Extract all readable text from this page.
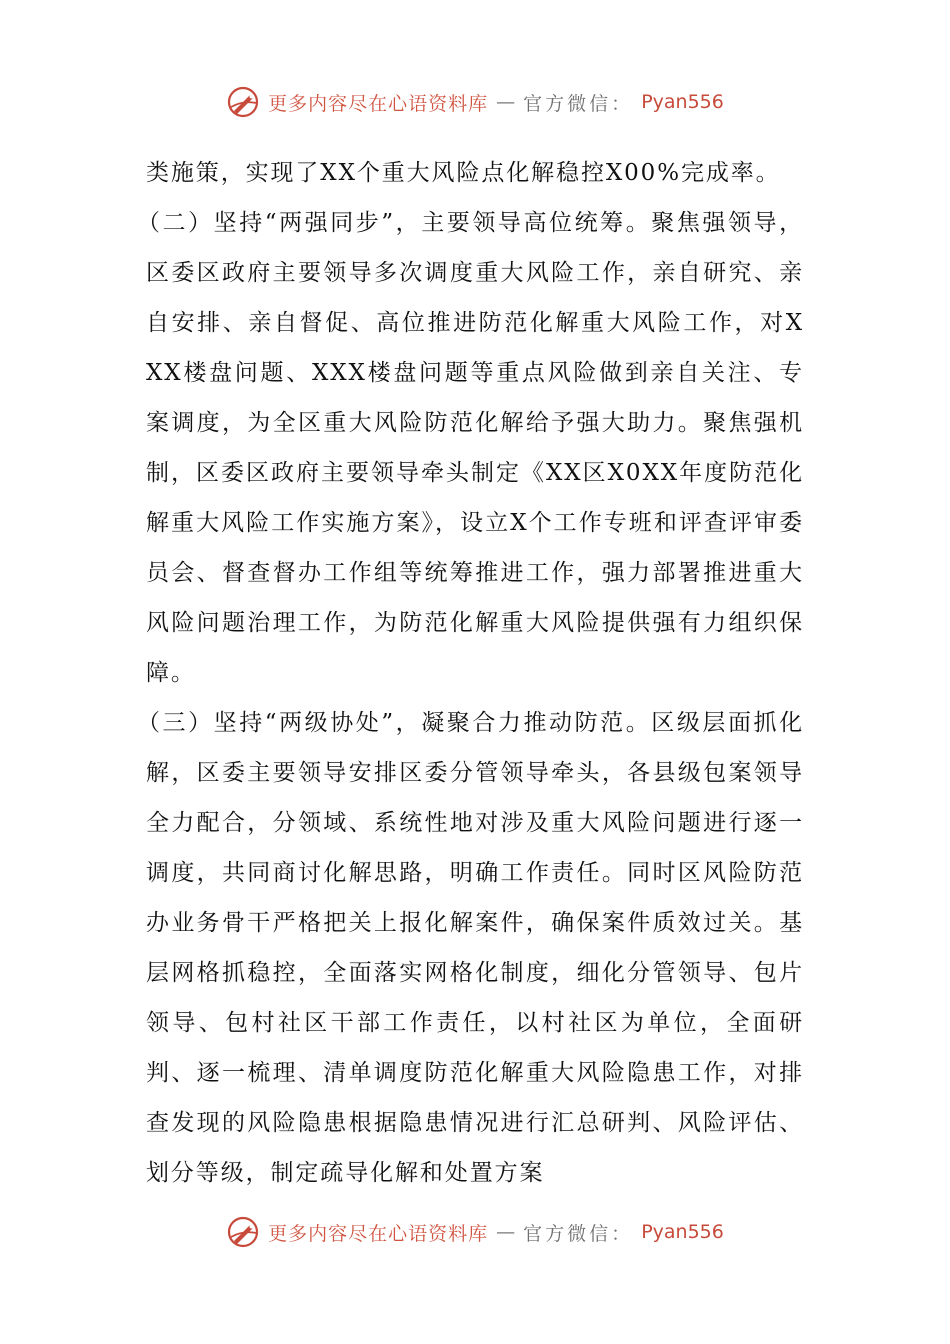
更多内容尽在心语资料库 — 官方微信： Pyan556

类施策，实现了XX个重大风险点化解稳控X00%完成率。

（二）坚持“两强同步”，主要领导高位统筹。聚焦强领导，区委区政府主要领导多次调度重大风险工作，亲自研究、亲自安排、亲自督促、高位推进防范化解重大风险工作，对XXX楼盘问题、XXX楼盘问题等重点风险做到亲自关注、专案调度，为全区重大风险防范化解给予强大助力。聚焦强机制，区委区政府主要领导牵头制定《XX区X0XX年度防范化解重大风险工作实施方案》，设立X个工作专班和评查评审委员会、督查督办工作组等统筹推进工作，强力部署推进重大风险问题治理工作，为防范化解重大风险提供强有力组织保障。

（三）坚持“两级协处”，凝聚合力推动防范。区级层面抓化解，区委主要领导安排区委分管领导牵头，各县级包案领导全力配合，分领域、系统性地对涉及重大风险问题进行逐一调度，共同商讨化解思路，明确工作责任。同时区风险防范办业务骨干严格把关上报化解案件，确保案件质效过关。基层网格抓稳控，全面落实网格化制度，细化分管领导、包片领导、包村社区干部工作责任，以村社区为单位，全面研判、逐一梳理、清单调度防范化解重大风险隐患工作，对排查发现的风险隐患根据隐患情况进行汇总研判、风险评估、划分等级，制定疏导化解和处置方案

更多内容尽在心语资料库 — 官方微信： Pyan556
